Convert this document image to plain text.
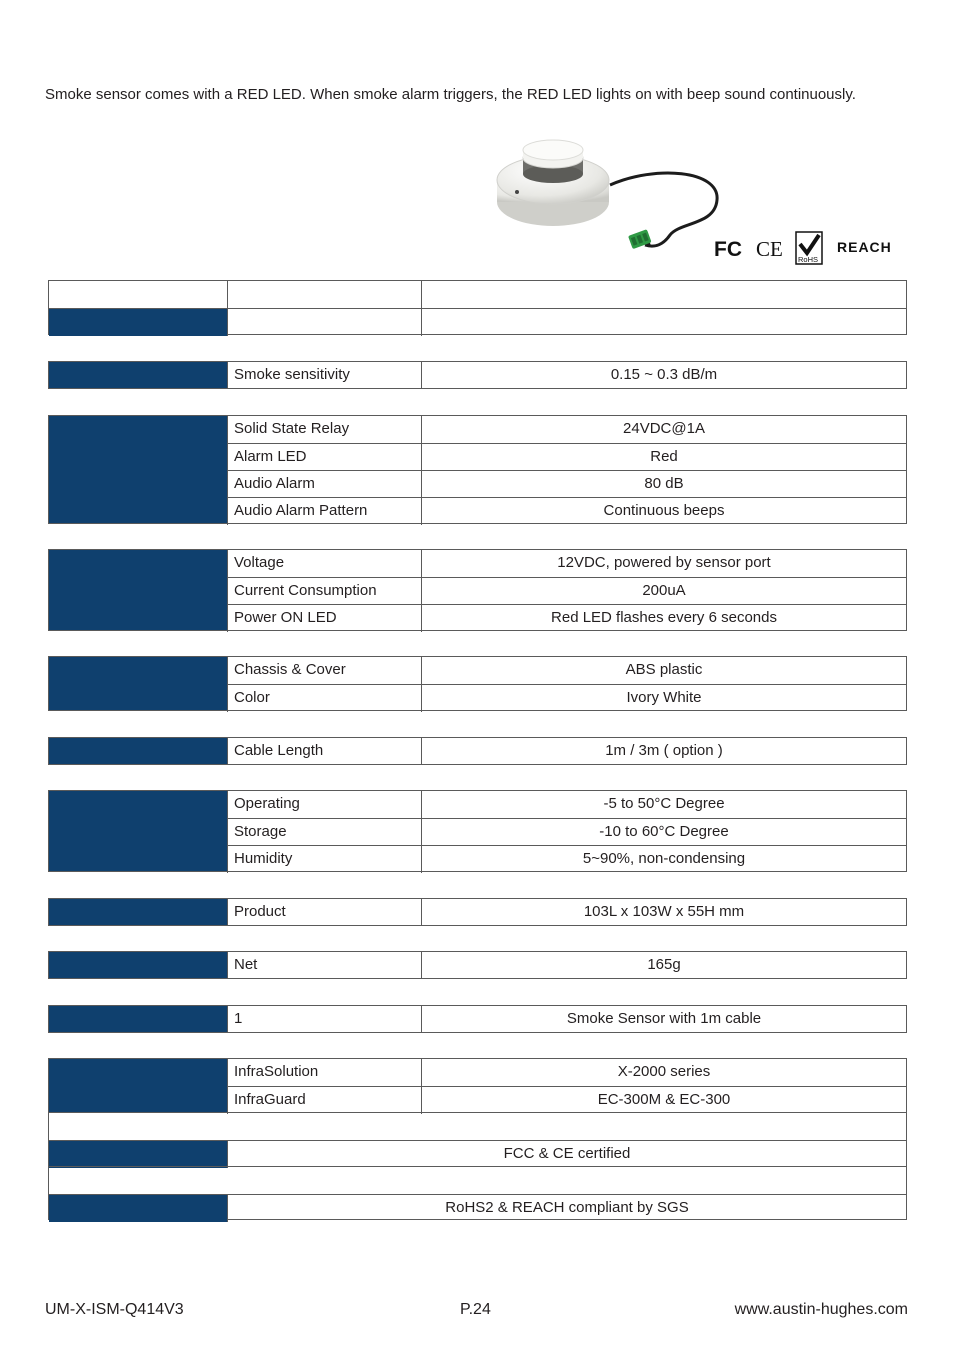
Smoke sensor comes with a RED LED. When smoke alarm triggers, the RED LED lights on with beep sound continuously.
FC CE RoHS
REACH
Smoke sensitivity	0.15 ~ 0.3 dB/m
Solid State Relay	24VDC@1A
Alarm LED	Red
Audio Alarm	80 dB
Audio Alarm Pattern	Continuous beeps
Voltage	12VDC, powered by sensor port
Current Consumption	200uA
Power ON LED	Red LED flashes every 6 seconds
Chassis & Cover	ABS plastic
Color	Ivory White
Cable Length	1m / 3m ( option )
Operating	-5 to 50°C Degree
Storage	-10 to 60°C Degree
Humidity	5~90%, non-condensing
Product	103L x 103W x 55H mm
Net	165g
1	Smoke Sensor with 1m cable
InfraSolution	X-2000 series
InfraGuard	EC-300M & EC-300
FCC & CE certified
RoHS2 & REACH compliant by SGS
UM-X-ISM-Q414V3	P.24	www.austin-hughes.com
